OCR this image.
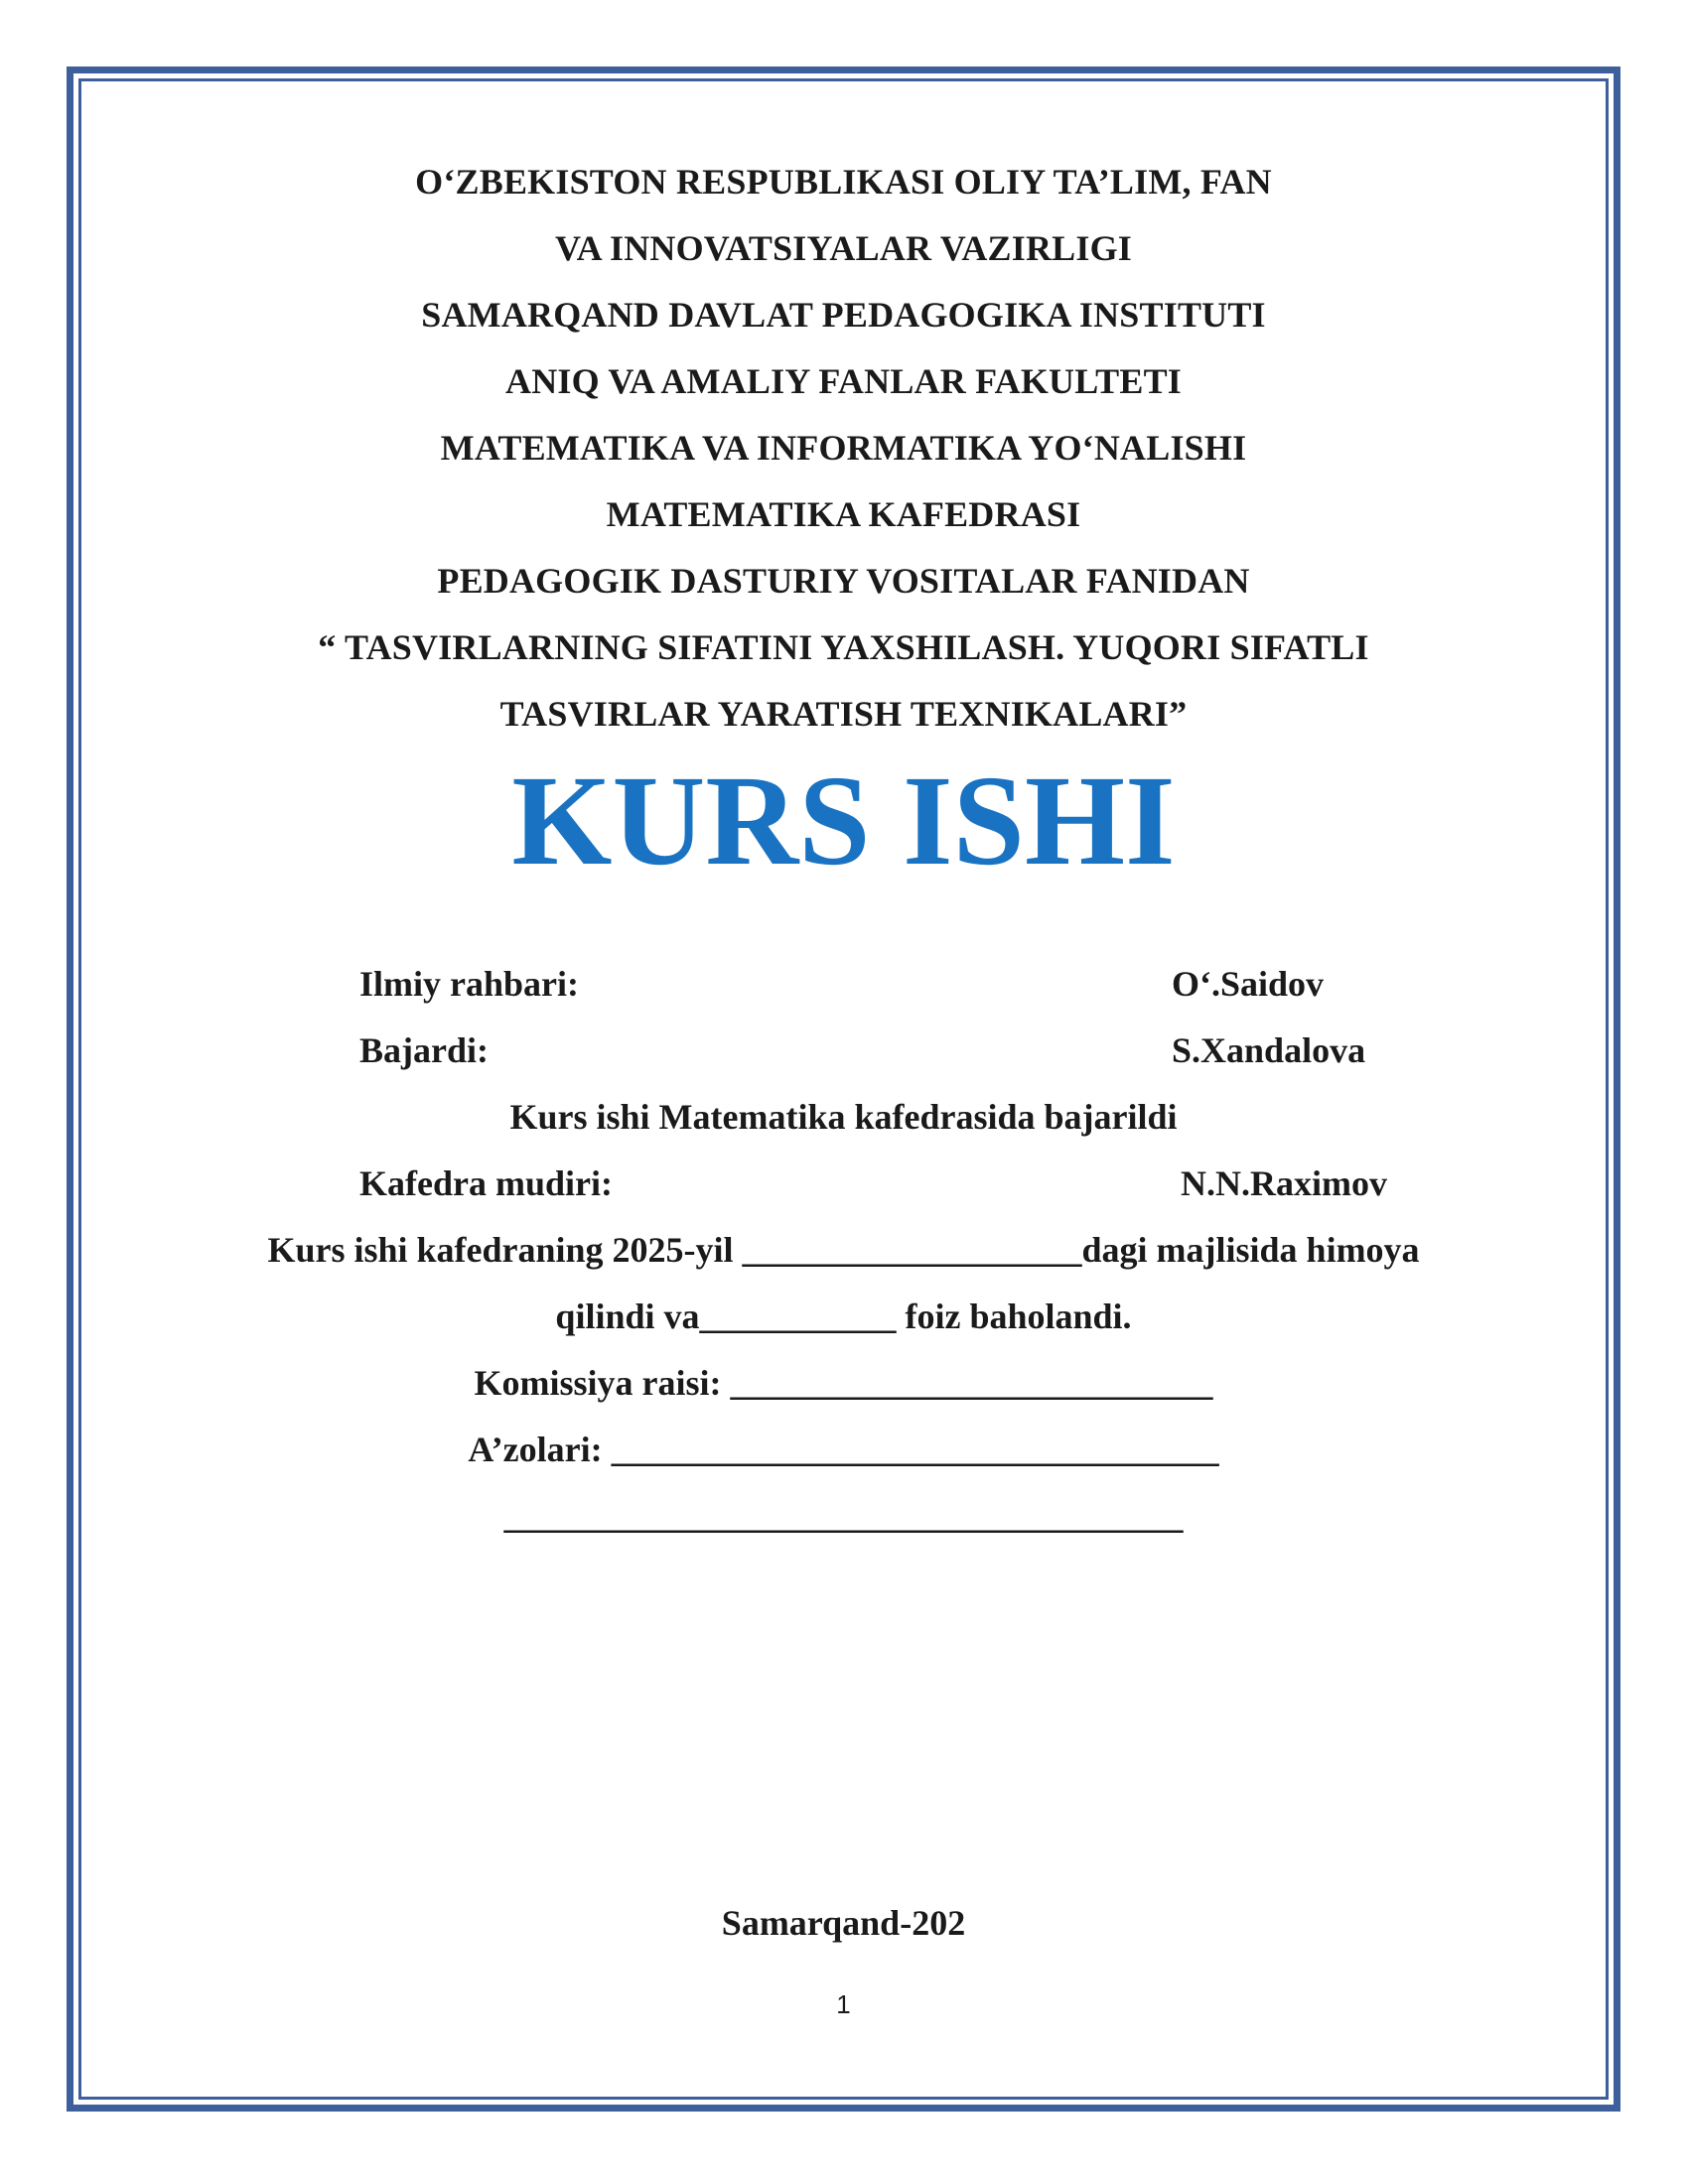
O‘ZBEKISTON RESPUBLIKASI OLIY TA’LIM, FAN
VA INNOVATSIYALAR VAZIRLIGI
SAMARQAND DAVLAT PEDAGOGIKA INSTITUTI
ANIQ VA AMALIY FANLAR FAKULTETI
MATEMATIKA VA INFORMATIKA YO‘NALISHI
MATEMATIKA KAFEDRASI
PEDAGOGIK DASTURIY VOSITALAR FANIDAN
“ TASVIRLARNING SIFATINI YAXSHILASH. YUQORI SIFATLI
TASVIRLAR YARATISH TEXNIKALARI”
KURS ISHI
Ilmiy rahbari:	O‘.Saidov
Bajardi:	S.Xandalova
Kurs ishi Matematika kafedrasida bajarildi
Kafedra mudiri:	N.N.Raximov
Kurs ishi kafedraning 2025-yil ___________________dagi majlisida himoya
qilindi va___________ foiz baholandi.
Komissiya raisi: ___________________________
A’zolari: __________________________________
______________________________________
Samarqand-202
1
